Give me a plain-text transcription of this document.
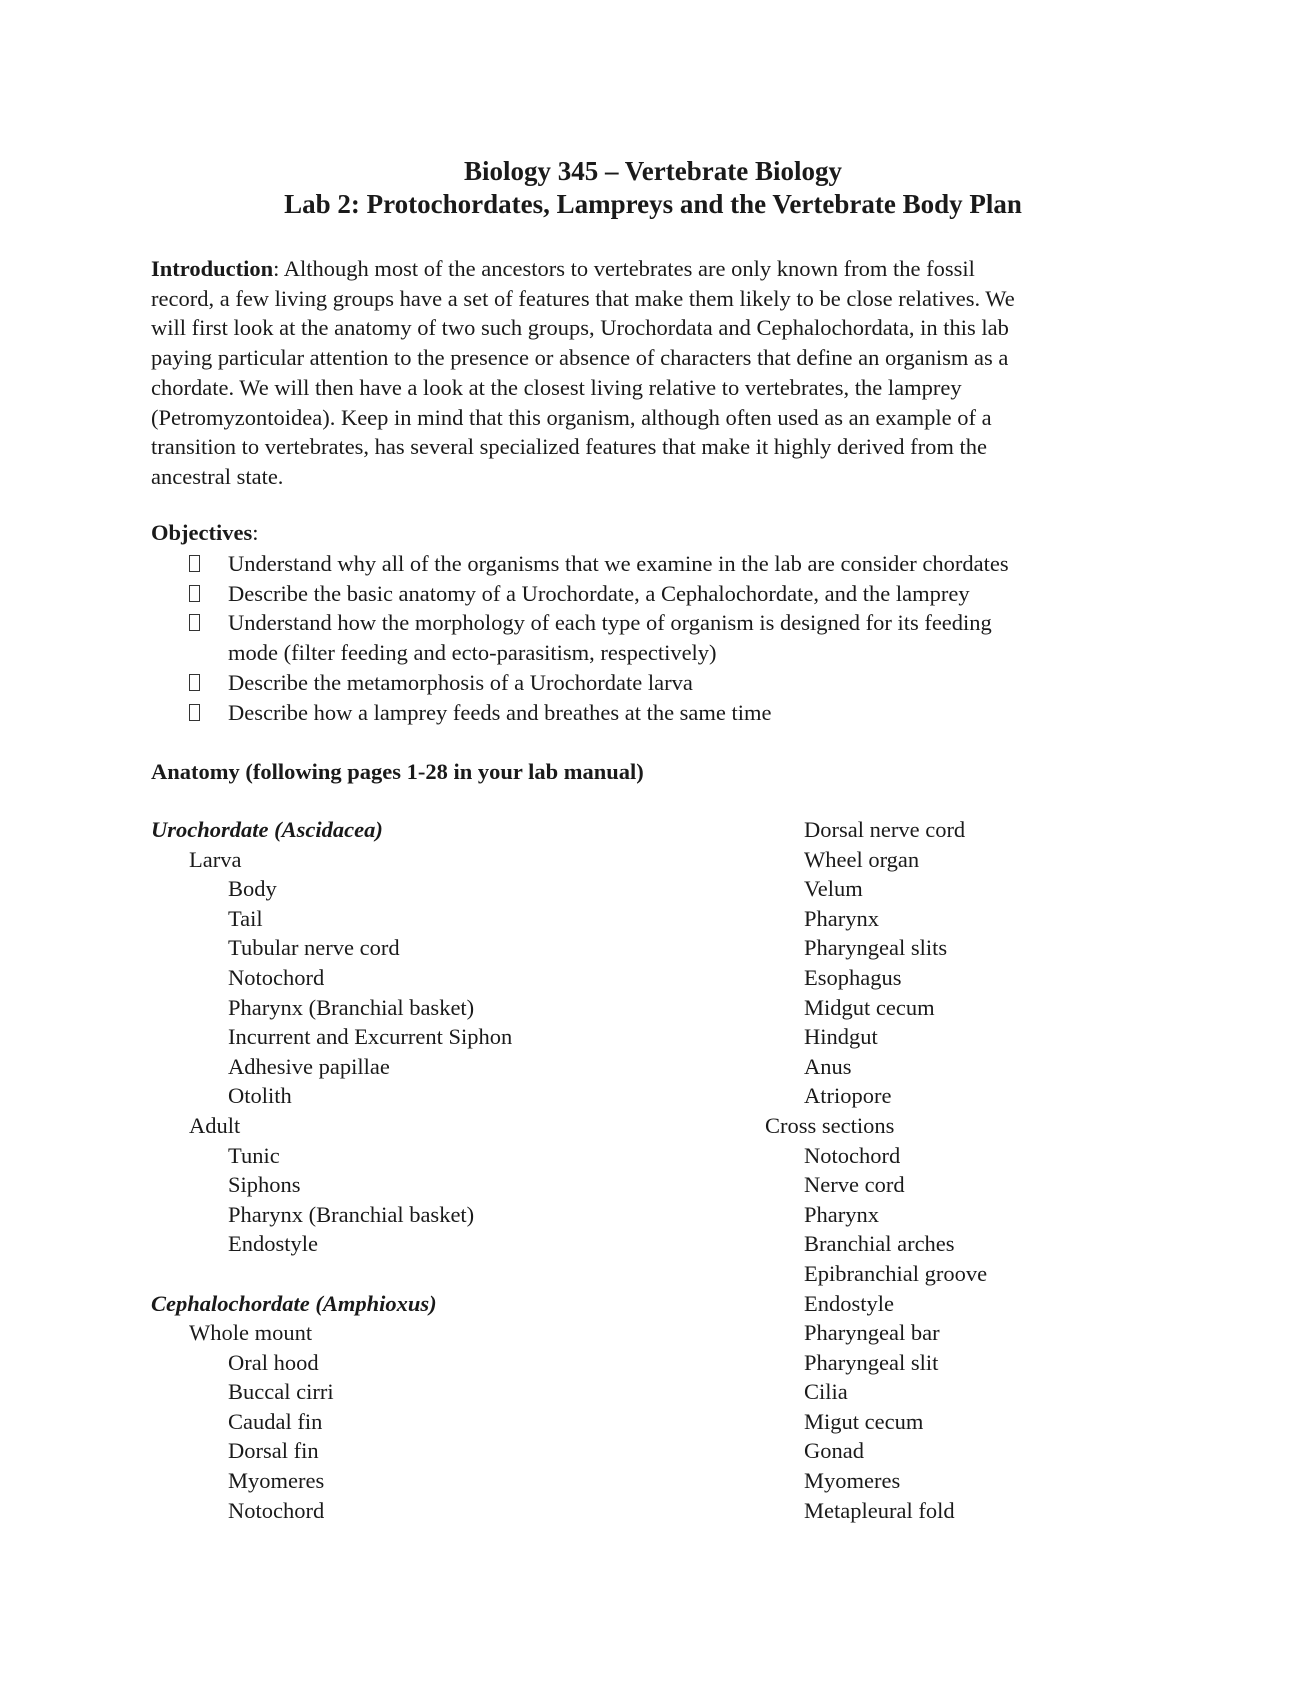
Biology 345 – Vertebrate Biology
Lab 2: Protochordates, Lampreys and the Vertebrate Body Plan
Introduction: Although most of the ancestors to vertebrates are only known from the fossil
record, a few living groups have a set of features that make them likely to be close relatives. We
will first look at the anatomy of two such groups, Urochordata and Cephalochordata, in this lab
paying particular attention to the presence or absence of characters that define an organism as a
chordate. We will then have a look at the closest living relative to vertebrates, the lamprey
(Petromyzontoidea). Keep in mind that this organism, although often used as an example of a
transition to vertebrates, has several specialized features that make it highly derived from the
ancestral state.
Objectives:
Understand why all of the organisms that we examine in the lab are consider chordates
Describe the basic anatomy of a Urochordate, a Cephalochordate, and the lamprey
Understand how the morphology of each type of organism is designed for its feeding
mode (filter feeding and ecto-parasitism, respectively)
Describe the metamorphosis of a Urochordate larva
Describe how a lamprey feeds and breathes at the same time
Anatomy (following pages 1-28 in your lab manual)
Urochordate (Ascidacea)
Larva
Body
Tail
Tubular nerve cord
Notochord
Pharynx (Branchial basket)
Incurrent and Excurrent Siphon
Adhesive papillae
Otolith
Adult
Tunic
Siphons
Pharynx (Branchial basket)
Endostyle
Cephalochordate (Amphioxus)
Whole mount
Oral hood
Buccal cirri
Caudal fin
Dorsal fin
Myomeres
Notochord
Dorsal nerve cord
Wheel organ
Velum
Pharynx
Pharyngeal slits
Esophagus
Midgut cecum
Hindgut
Anus
Atriopore
Cross sections
Notochord
Nerve cord
Pharynx
Branchial arches
Epibranchial groove
Endostyle
Pharyngeal bar
Pharyngeal slit
Cilia
Migut cecum
Gonad
Myomeres
Metapleural fold
